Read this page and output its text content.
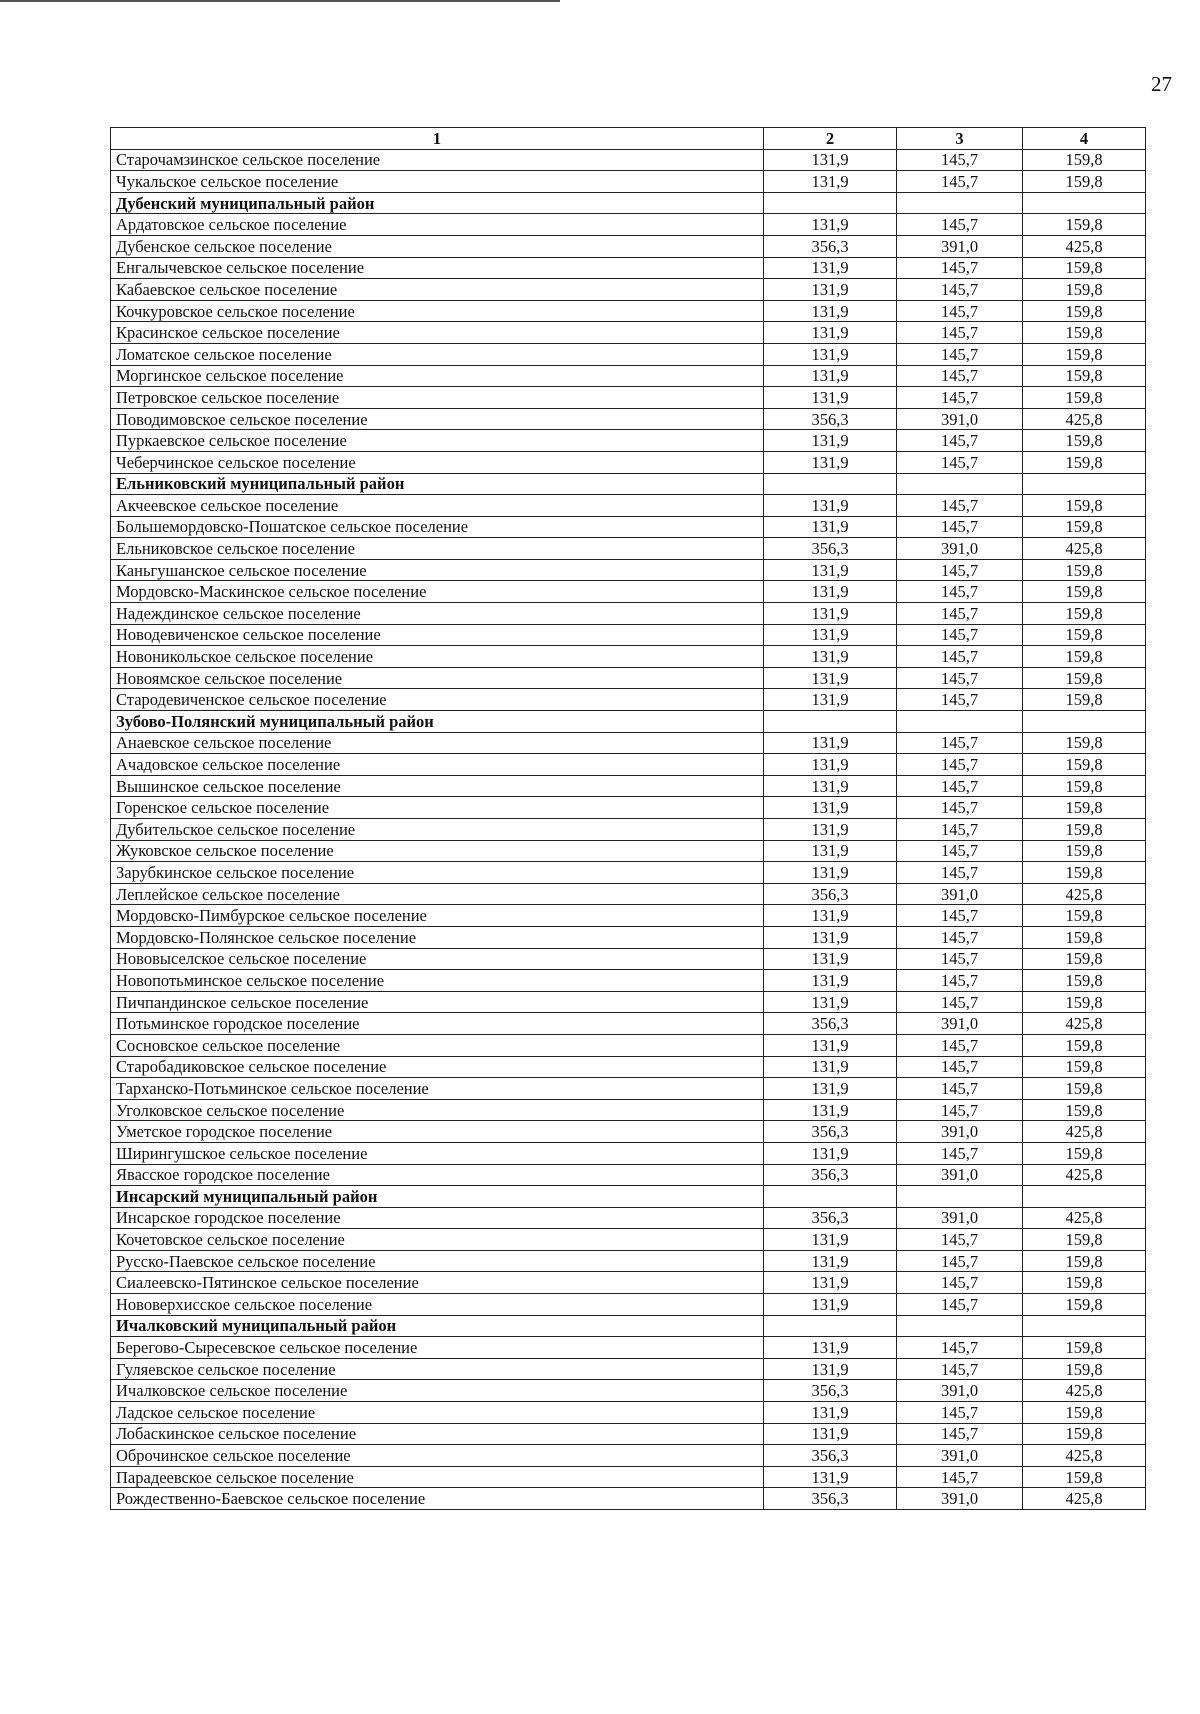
27
1	2	3	4
Старочамзинское сельское поселение	131,9	145,7	159,8
Чукальское сельское поселение	131,9	145,7	159,8
Дубенский муниципальный район			
Ардатовское сельское поселение	131,9	145,7	159,8
Дубенское сельское поселение	356,3	391,0	425,8
Енгалычевское сельское поселение	131,9	145,7	159,8
Кабаевское сельское поселение	131,9	145,7	159,8
Кочкуровское сельское поселение	131,9	145,7	159,8
Красинское сельское поселение	131,9	145,7	159,8
Ломатское сельское поселение	131,9	145,7	159,8
Моргинское сельское поселение	131,9	145,7	159,8
Петровское сельское поселение	131,9	145,7	159,8
Поводимовское сельское поселение	356,3	391,0	425,8
Пуркаевское сельское поселение	131,9	145,7	159,8
Чеберчинское сельское поселение	131,9	145,7	159,8
Ельниковский муниципальный район			
Акчеевское сельское поселение	131,9	145,7	159,8
Большемордовско-Пошатское сельское поселение	131,9	145,7	159,8
Ельниковское сельское поселение	356,3	391,0	425,8
Каньгушанское сельское поселение	131,9	145,7	159,8
Мордовско-Маскинское сельское поселение	131,9	145,7	159,8
Надеждинское сельское поселение	131,9	145,7	159,8
Новодевиченское сельское поселение	131,9	145,7	159,8
Новоникольское сельское поселение	131,9	145,7	159,8
Новоямское сельское поселение	131,9	145,7	159,8
Стародевиченское сельское поселение	131,9	145,7	159,8
Зубово-Полянский муниципальный район			
Анаевское сельское поселение	131,9	145,7	159,8
Ачадовское сельское поселение	131,9	145,7	159,8
Вышинское сельское поселение	131,9	145,7	159,8
Горенское сельское поселение	131,9	145,7	159,8
Дубительское сельское поселение	131,9	145,7	159,8
Жуковское сельское поселение	131,9	145,7	159,8
Зарубкинское сельское поселение	131,9	145,7	159,8
Леплейское сельское поселение	356,3	391,0	425,8
Мордовско-Пимбурское сельское поселение	131,9	145,7	159,8
Мордовско-Полянское сельское поселение	131,9	145,7	159,8
Нововыселское сельское поселение	131,9	145,7	159,8
Новопотьминское сельское поселение	131,9	145,7	159,8
Пичпандинское сельское поселение	131,9	145,7	159,8
Потьминское городское поселение	356,3	391,0	425,8
Сосновское сельское поселение	131,9	145,7	159,8
Старобадиковское сельское поселение	131,9	145,7	159,8
Тарханско-Потьминское сельское поселение	131,9	145,7	159,8
Уголковское сельское поселение	131,9	145,7	159,8
Уметское городское поселение	356,3	391,0	425,8
Ширингушское сельское поселение	131,9	145,7	159,8
Явасское городское поселение	356,3	391,0	425,8
Инсарский муниципальный район			
Инсарское городское поселение	356,3	391,0	425,8
Кочетовское сельское поселение	131,9	145,7	159,8
Русско-Паевское сельское поселение	131,9	145,7	159,8
Сиалеевско-Пятинское сельское поселение	131,9	145,7	159,8
Нововерхисское сельское поселение	131,9	145,7	159,8
Ичалковский муниципальный район			
Берегово-Сыресевское сельское поселение	131,9	145,7	159,8
Гуляевское сельское поселение	131,9	145,7	159,8
Ичалковское сельское поселение	356,3	391,0	425,8
Ладское сельское поселение	131,9	145,7	159,8
Лобаскинское сельское поселение	131,9	145,7	159,8
Оброчинское сельское поселение	356,3	391,0	425,8
Парадеевское сельское поселение	131,9	145,7	159,8
Рождественно-Баевское сельское поселение	356,3	391,0	425,8
